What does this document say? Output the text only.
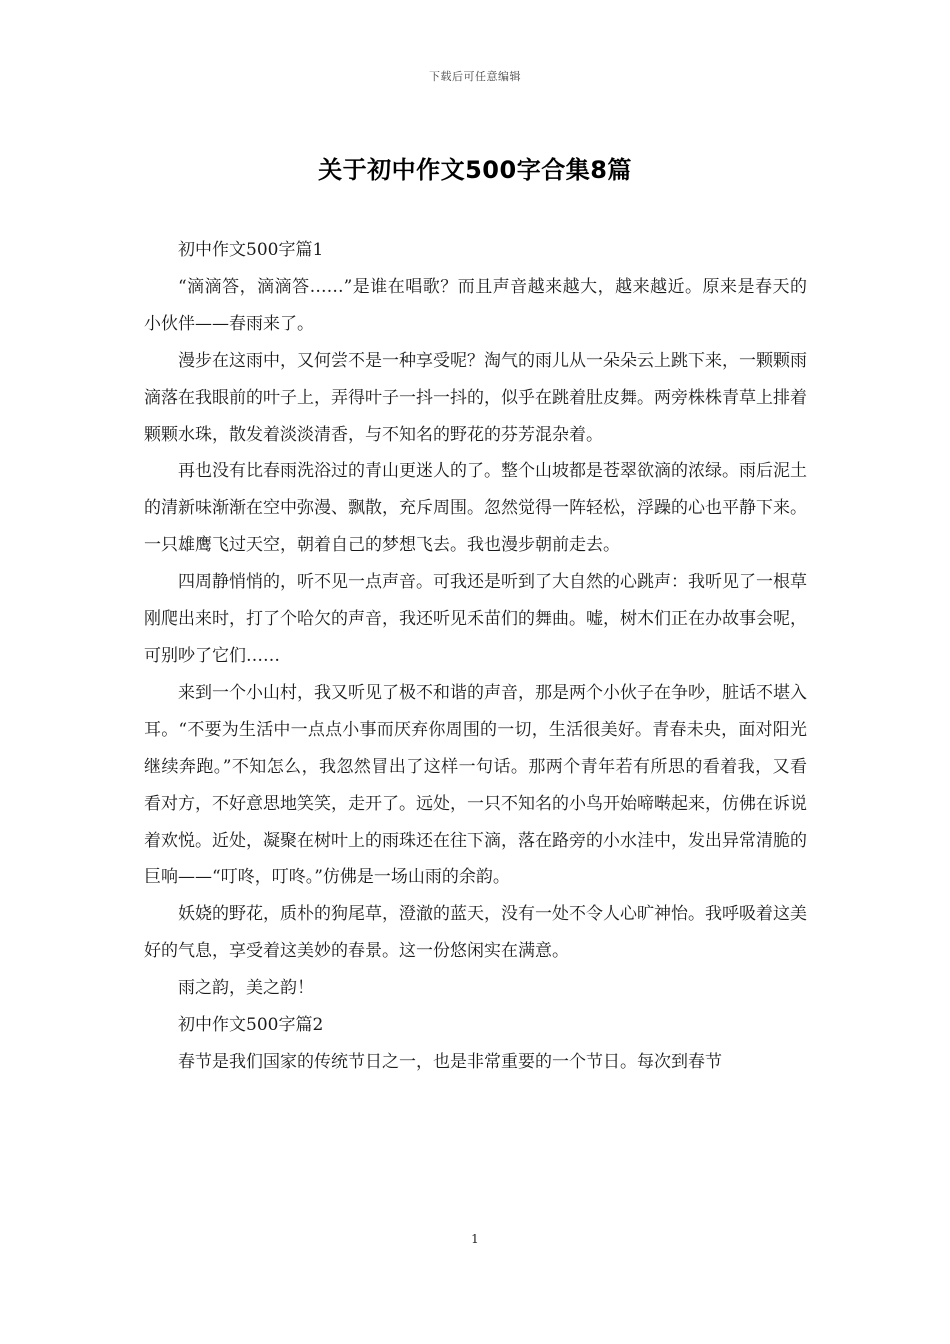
下载后可任意编辑
关于初中作文500字合集8篇

初中作文500字篇1

“滴滴答，滴滴答……”是谁在唱歌？而且声音越来越大，越来越近。原来是春天的小伙伴——春雨来了。

漫步在这雨中，又何尝不是一种享受呢？淘气的雨儿从一朵朵云上跳下来，一颗颗雨滴落在我眼前的叶子上，弄得叶子一抖一抖的，似乎在跳着肚皮舞。两旁株株青草上排着颗颗水珠，散发着淡淡清香，与不知名的野花的芬芳混杂着。

再也没有比春雨洗浴过的青山更迷人的了。整个山坡都是苍翠欲滴的浓绿。雨后泥土的清新味渐渐在空中弥漫、飘散，充斥周围。忽然觉得一阵轻松，浮躁的心也平静下来。一只雄鹰飞过天空，朝着自己的梦想飞去。我也漫步朝前走去。

四周静悄悄的，听不见一点声音。可我还是听到了大自然的心跳声：我听见了一根草刚爬出来时，打了个哈欠的声音，我还听见禾苗们的舞曲。嘘，树木们正在办故事会呢，可别吵了它们……

来到一个小山村，我又听见了极不和谐的声音，那是两个小伙子在争吵，脏话不堪入耳。“不要为生活中一点点小事而厌弃你周围的一切，生活很美好。青春未央，面对阳光继续奔跑。”不知怎么，我忽然冒出了这样一句话。那两个青年若有所思的看着我，又看看对方，不好意思地笑笑，走开了。远处，一只不知名的小鸟开始啼啭起来，仿佛在诉说着欢悦。近处，凝聚在树叶上的雨珠还在往下滴，落在路旁的小水洼中，发出异常清脆的巨响——“叮咚，叮咚。”仿佛是一场山雨的余韵。

妖娆的野花，质朴的狗尾草，澄澈的蓝天，没有一处不令人心旷神怡。我呼吸着这美好的气息，享受着这美妙的春景。这一份悠闲实在满意。

雨之韵，美之韵！

初中作文500字篇2

春节是我们国家的传统节日之一，也是非常重要的一个节日。每次到春节

1
